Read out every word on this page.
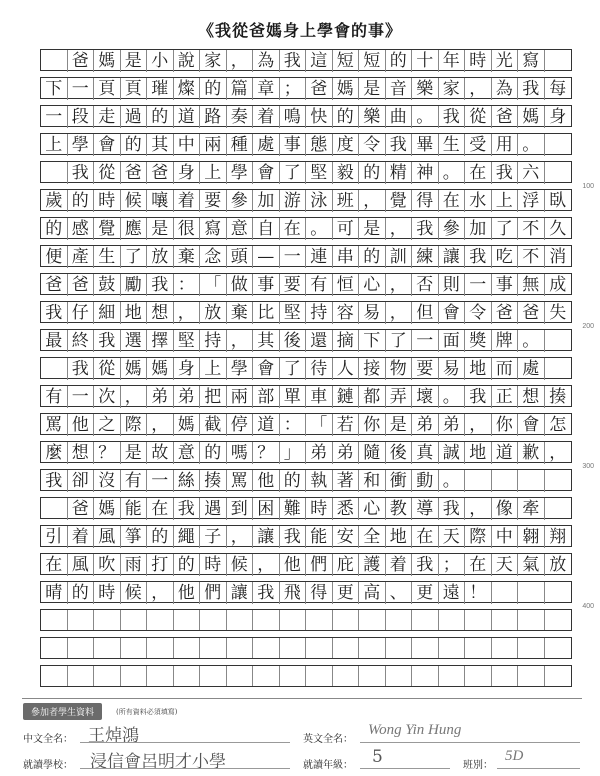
《我從爸媽身上學會的事》
爸 媽 是 小 說 家 ， 為 我 這 短 短 的 十 年 時 光 寫
下 一 頁 頁 璀 燦 的 篇 章 ； 爸 媽 是 音 樂 家 ， 為 我 每
一 段 走 過 的 道 路 奏 着 鳴 快 的 樂 曲 。 我 從 爸 媽 身
上 學 會 的 其 中 兩 種 處 事 態 度 令 我 畢 生 受 用 。
我 從 爸 爸 身 上 學 會 了 堅 毅 的 精 神 。 在 我 六
100
歲 的 時 候 嚷 着 要 參 加 游 泳 班 ， 覺 得 在 水 上 浮 臥
的 感 覺 應 是 很 寫 意 自 在 。 可 是 ， 我 參 加 了 不 久
便 產 生 了 放 棄 念 頭 — 一 連 串 的 訓 練 讓 我 吃 不 消
爸 爸 鼓 勵 我 ： 「 做 事 要 有 恒 心 ， 否 則 一 事 無 成
我 仔 細 地 想 ， 放 棄 比 堅 持 容 易 ， 但 會 令 爸 爸 失
200
最 終 我 選 擇 堅 持 ， 其 後 還 摘 下 了 一 面 獎 牌 。
我 從 媽 媽 身 上 學 會 了 待 人 接 物 要 易 地 而 處
有 一 次 ， 弟 弟 把 兩 部 單 車 鏈 都 弄 壞 。 我 正 想 揍
罵 他 之 際 ， 媽 截 停 道 ： 「 若 你 是 弟 弟 ， 你 會 怎
麼 想 ？ 是 故 意 的 嗎 ？ 」 弟 弟 隨 後 真 誠 地 道 歉 ，
300
我 卻 沒 有 一 絲 揍 罵 他 的 執 著 和 衝 動 。
爸 媽 能 在 我 遇 到 困 難 時 悉 心 教 導 我 ， 像 牽
引 着 風 箏 的 繩 子 ， 讓 我 能 安 全 地 在 天 際 中 翱 翔
在 風 吹 雨 打 的 時 候 ， 他 們 庇 護 着 我 ； 在 天 氣 放
晴 的 時 候 ， 他 們 讓 我 飛 得 更 高 、 更 遠 ！
400
參加者學生資料	(所有資料必須填寫)
中文全名： 王焯鴻	英文全名：
Wong Yin Hung
就讀學校： 浸信會呂明才小學	就讀年級： 5	班別：
5D
